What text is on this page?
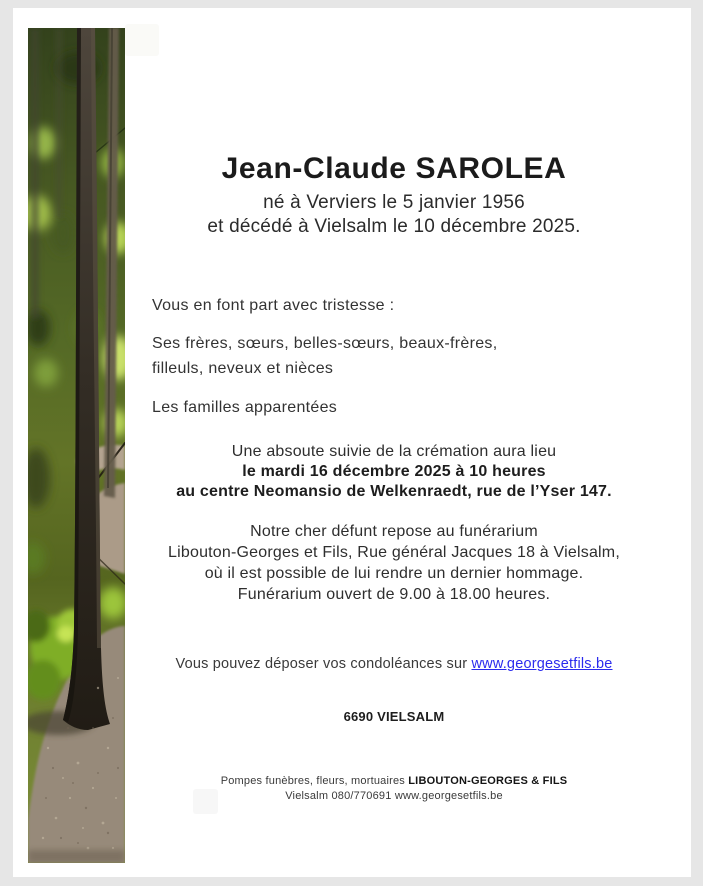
Jean-Claude SAROLEA

né à Verviers le 5 janvier 1956

et décédé à Vielsalm le 10 décembre 2025.

Vous en font part avec tristesse :

Ses frères, sœurs, belles-sœurs, beaux-frères,

filleuls, neveux et nièces

Les familles apparentées

Une absoute suivie de la crémation aura lieu

le mardi 16 décembre 2025 à 10 heures

au centre Neomansio de Welkenraedt, rue de l’Yser 147.

Notre cher défunt repose au funérarium

Libouton-Georges et Fils, Rue général Jacques 18 à Vielsalm,

où il est possible de lui rendre un dernier hommage.

Funérarium ouvert de 9.00 à 18.00 heures.

Vous pouvez déposer vos condoléances sur www.georgesetfils.be
6690 VIELSALM

Pompes funèbres, fleurs, mortuaires LIBOUTON-GEORGES & FILS

Vielsalm 080/770691 www.georgesetfils.be
